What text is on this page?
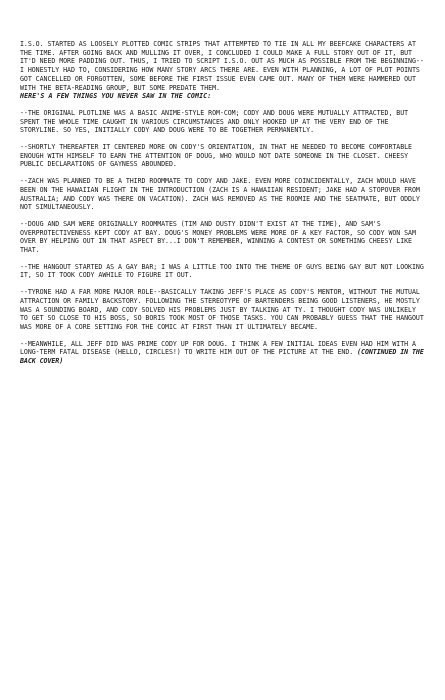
I.S.O. STARTED AS LOOSELY PLOTTED COMIC STRIPS THAT ATTEMPTED TO TIE IN ALL MY BEEFCAKE CHARACTERS AT THE TIME. AFTER GOING BACK AND MULLING IT OVER, I CONCLUDED I COULD MAKE A FULL STORY OUT OF IT, BUT IT'D NEED MORE PADDING OUT. THUS, I TRIED TO SCRIPT I.S.O. OUT AS MUCH AS POSSIBLE FROM THE BEGINNING--I HONESTLY HAD TO, CONSIDERING HOW MANY STORY ARCS THERE ARE. EVEN WITH PLANNING, A LOT OF PLOT POINTS GOT CANCELLED OR FORGOTTEN, SOME BEFORE THE FIRST ISSUE EVEN CAME OUT. MANY OF THEM WERE HAMMERED OUT WITH THE BETA-READING GROUP, BUT SOME PREDATE THEM.

HERE'S A FEW THINGS YOU NEVER SAW IN THE COMIC:

--THE ORIGINAL PLOTLINE WAS A BASIC ANIME-STYLE ROM-COM; CODY AND DOUG WERE MUTUALLY ATTRACTED, BUT SPENT THE WHOLE TIME CAUGHT IN VARIOUS CIRCUMSTANCES AND ONLY HOOKED UP AT THE VERY END OF THE STORYLINE. SO YES, INITIALLY CODY AND DOUG WERE TO BE TOGETHER PERMANENTLY.

--SHORTLY THEREAFTER IT CENTERED MORE ON CODY'S ORIENTATION, IN THAT HE NEEDED TO BECOME COMFORTABLE ENOUGH WITH HIMSELF TO EARN THE ATTENTION OF DOUG, WHO WOULD NOT DATE SOMEONE IN THE CLOSET. CHEESY PUBLIC DECLARATIONS OF GAYNESS ABOUNDED.

--ZACH WAS PLANNED TO BE A THIRD ROOMMATE TO CODY AND JAKE. EVEN MORE COINCIDENTALLY, ZACH WOULD HAVE BEEN ON THE HAWAIIAN FLIGHT IN THE INTRODUCTION (ZACH IS A HAWAIIAN RESIDENT; JAKE HAD A STOPOVER FROM AUSTRALIA; AND CODY WAS THERE ON VACATION). ZACH WAS REMOVED AS THE ROOMIE AND THE SEATMATE, BUT ODDLY NOT SIMULTANEOUSLY.

--DOUG AND SAM WERE ORIGINALLY ROOMMATES (TIM AND DUSTY DIDN'T EXIST AT THE TIME), AND SAM'S OVERPROTECTIVENESS KEPT CODY AT BAY. DOUG'S MONEY PROBLEMS WERE MORE OF A KEY FACTOR, SO CODY WON SAM OVER BY HELPING OUT IN THAT ASPECT BY...I DON'T REMEMBER, WINNING A CONTEST OR SOMETHING CHEESY LIKE THAT.

--THE HANGOUT STARTED AS A GAY BAR; I WAS A LITTLE TOO INTO THE THEME OF GUYS BEING GAY BUT NOT LOOKING IT, SO IT TOOK CODY AWHILE TO FIGURE IT OUT.

--TYRONE HAD A FAR MORE MAJOR ROLE--BASICALLY TAKING JEFF'S PLACE AS CODY'S MENTOR, WITHOUT THE MUTUAL ATTRACTION OR FAMILY BACKSTORY. FOLLOWING THE STEREOTYPE OF BARTENDERS BEING GOOD LISTENERS, HE MOSTLY WAS A SOUNDING BOARD, AND CODY SOLVED HIS PROBLEMS JUST BY TALKING AT TY. I THOUGHT CODY WAS UNLIKELY TO GET SO CLOSE TO HIS BOSS, SO BORIS TOOK MOST OF THOSE TASKS. YOU CAN PROBABLY GUESS THAT THE HANGOUT WAS MORE OF A CORE SETTING FOR THE COMIC AT FIRST THAN IT ULTIMATELY BECAME.

--MEANWHILE, ALL JEFF DID WAS PRIME CODY UP FOR DOUG. I THINK A FEW INITIAL IDEAS EVEN HAD HIM WITH A LONG-TERM FATAL DISEASE (HELLO, CIRCLES!) TO WRITE HIM OUT OF THE PICTURE AT THE END. (CONTINUED IN THE BACK COVER)
